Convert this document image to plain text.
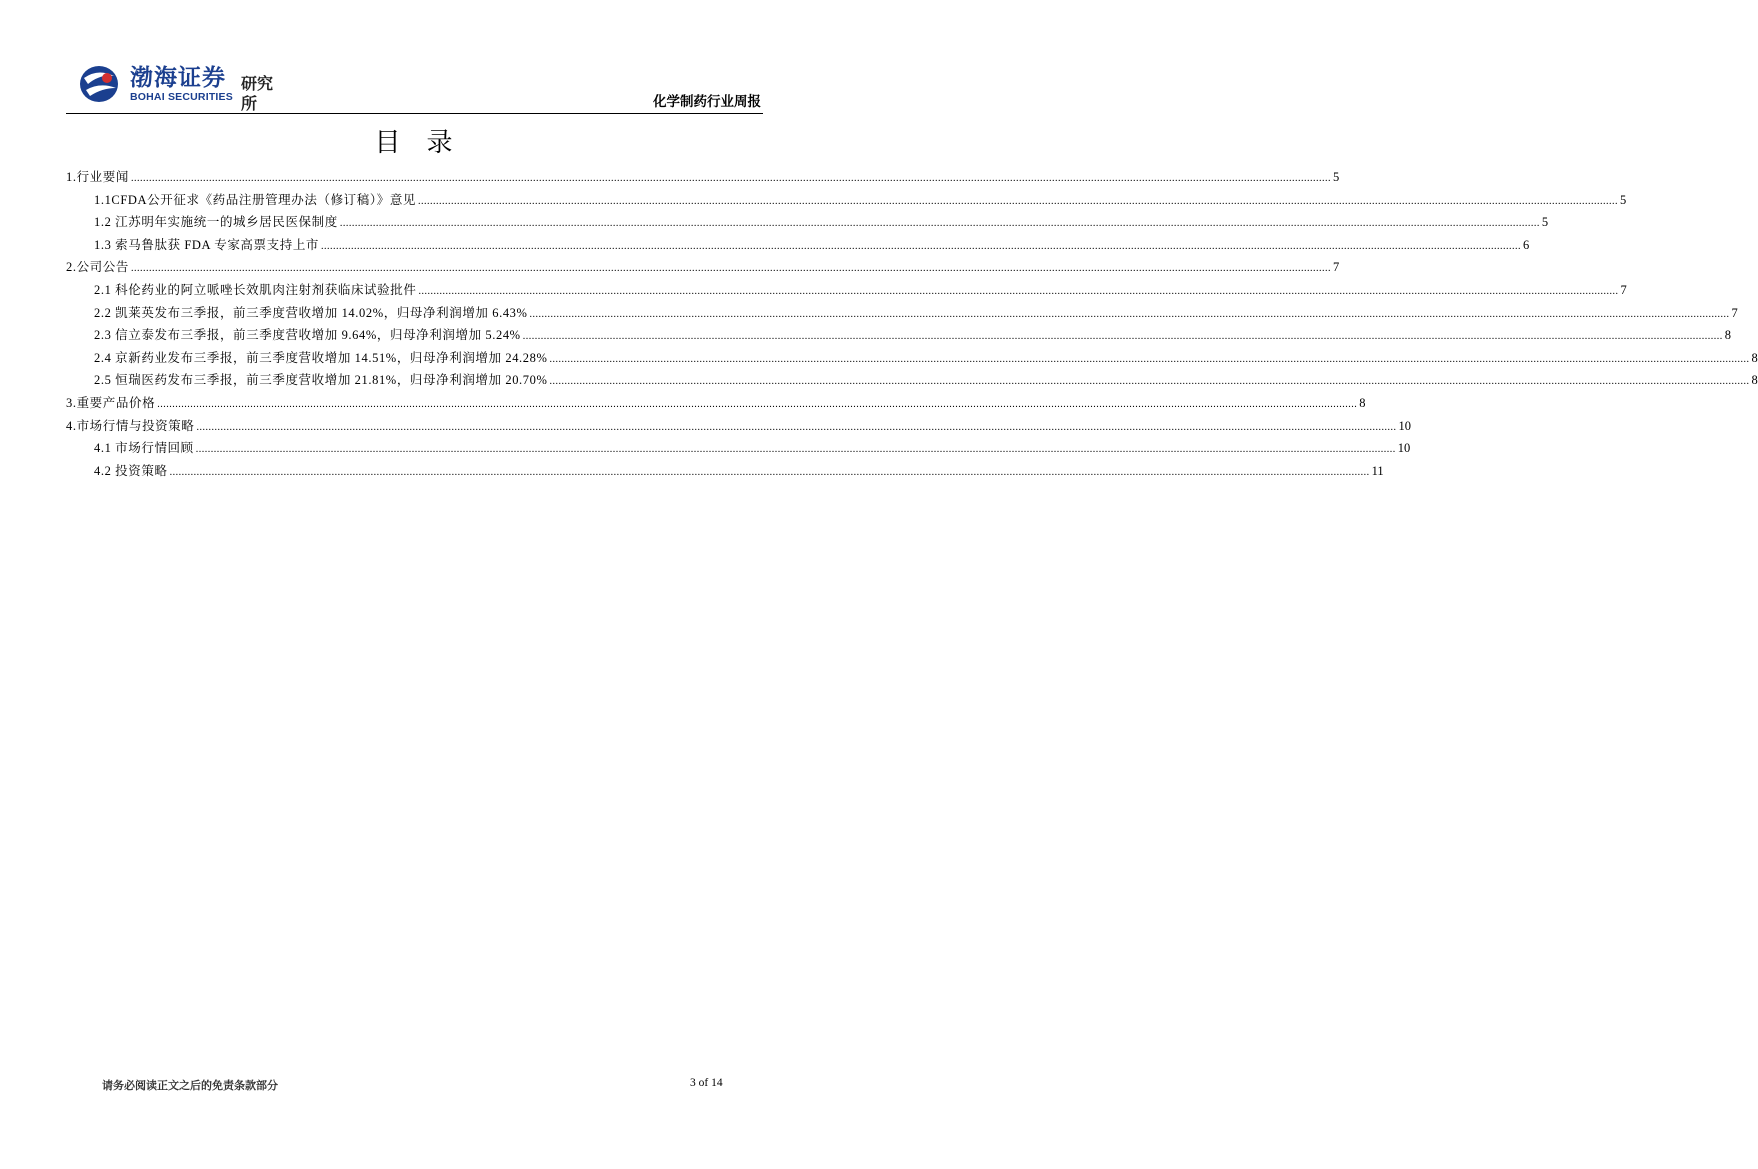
渤海证券
BOHAI SECURITIES
研究所	化学制药行业周报
目录
1.行业要闻 ................................................................................................................................................................................................................................................................................................................................................................................................................ 5
1.1CFDA公开征求《药品注册管理办法（修订稿）》意见 ................................................................................................................................................................................................................................................................................................................................................................................................................ 5
1.2 江苏明年实施统一的城乡居民医保制度 ................................................................................................................................................................................................................................................................................................................................................................................................................ 5
1.3 索马鲁肽获 FDA 专家高票支持上市 ................................................................................................................................................................................................................................................................................................................................................................................................................ 6
2.公司公告 ................................................................................................................................................................................................................................................................................................................................................................................................................ 7
2.1 科伦药业的阿立哌唑长效肌肉注射剂获临床试验批件 ................................................................................................................................................................................................................................................................................................................................................................................................................ 7
2.2 凯莱英发布三季报，前三季度营收增加 14.02%，归母净利润增加 6.43% ................................................................................................................................................................................................................................................................................................................................................................................................................ 7
2.3 信立泰发布三季报，前三季度营收增加 9.64%，归母净利润增加 5.24% ................................................................................................................................................................................................................................................................................................................................................................................................................ 8
2.4 京新药业发布三季报，前三季度营收增加 14.51%，归母净利润增加 24.28% ................................................................................................................................................................................................................................................................................................................................................................................................................ 8
2.5 恒瑞医药发布三季报，前三季度营收增加 21.81%，归母净利润增加 20.70% ................................................................................................................................................................................................................................................................................................................................................................................................................ 8
3.重要产品价格 ................................................................................................................................................................................................................................................................................................................................................................................................................ 8
4.市场行情与投资策略 ................................................................................................................................................................................................................................................................................................................................................................................................................ 10
4.1 市场行情回顾 ................................................................................................................................................................................................................................................................................................................................................................................................................ 10
4.2 投资策略 ................................................................................................................................................................................................................................................................................................................................................................................................................ 11
请务必阅读正文之后的免责条款部分	3 of 14
